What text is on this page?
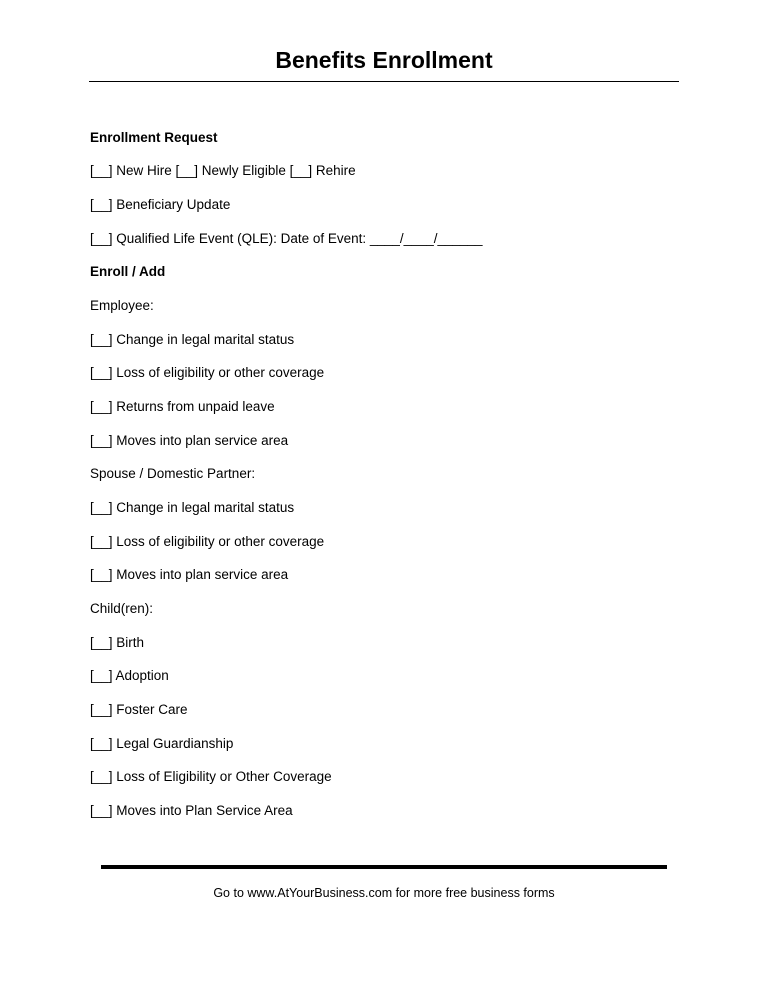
Benefits Enrollment

Enrollment Request

[__] New Hire [__] Newly Eligible [__] Rehire

[__] Beneficiary Update

[__] Qualified Life Event (QLE): Date of Event: ____/____/______

Enroll / Add

Employee:

[__] Change in legal marital status

[__] Loss of eligibility or other coverage

[__] Returns from unpaid leave

[__] Moves into plan service area

Spouse / Domestic Partner:

[__] Change in legal marital status

[__] Loss of eligibility or other coverage

[__] Moves into plan service area

Child(ren):

[__] Birth

[__] Adoption

[__] Foster Care

[__] Legal Guardianship

[__] Loss of Eligibility or Other Coverage

[__] Moves into Plan Service Area

Go to www.AtYourBusiness.com for more free business forms
